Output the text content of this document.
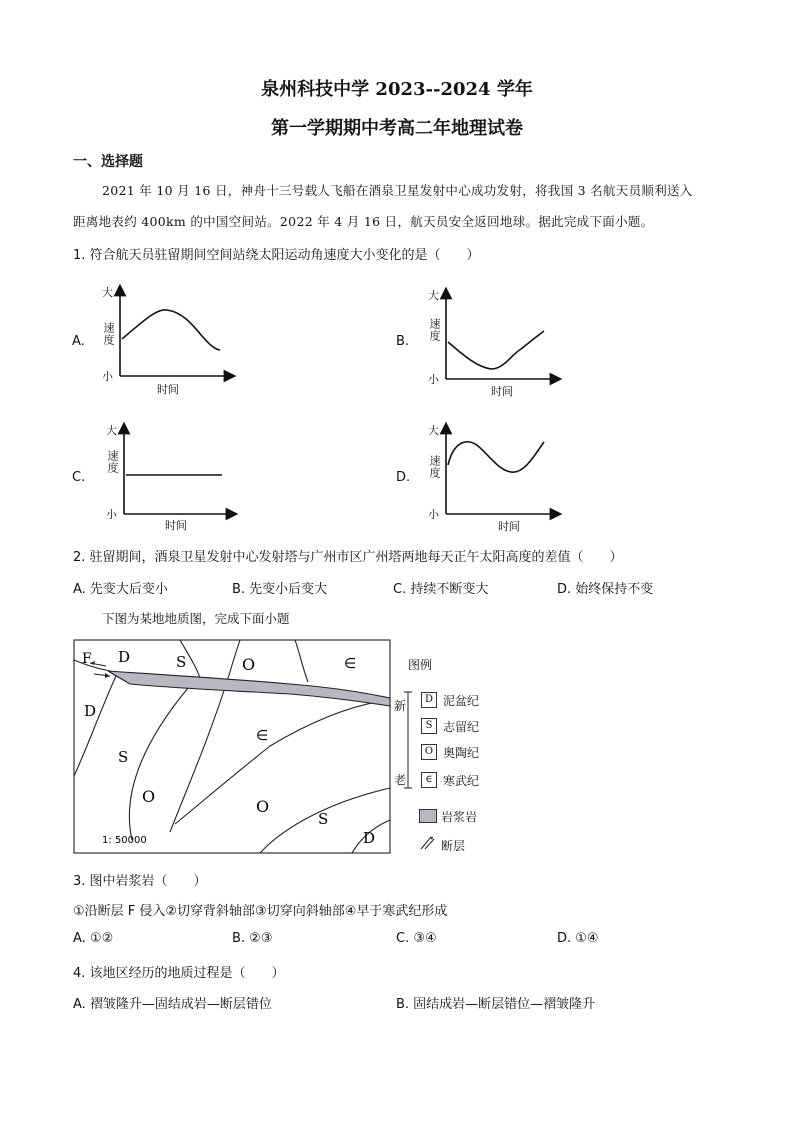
泉州科技中学 2023--2024 学年
第一学期期中考高二年地理试卷
一、选择题
2021 年 10 月 16 日，神舟十三号载人飞船在酒泉卫星发射中心成功发射，将我国 3 名航天员顺利送入
距离地表约 400km 的中国空间站。2022 年 4 月 16 日，航天员安全返回地球。据此完成下面小题。
1. 符合航天员驻留期间空间站绕太阳运动角速度大小变化的是（　　）
A.
大
小
速度
时间
B.
大
小
速度
时间
C.
大
小
速度
时间
D.
大
小
速度
时间
2. 驻留期间，酒泉卫星发射中心发射塔与广州市区广州塔两地每天正午太阳高度的差值（　　）
A. 先变大后变小	B. 先变小后变大	C. 持续不断变大	D. 始终保持不变
下图为某地地质图，完成下面小题
F D	S	O	∈
D
S
∈
O
O
S
D
1: 50000
图例
新
老
D 泥盆纪
S 志留纪
O 奥陶纪
∈ 寒武纪
岩浆岩
断层
3. 图中岩浆岩（　　）
①沿断层 F 侵入②切穿背斜轴部③切穿向斜轴部④早于寒武纪形成
A. ①②	B. ②③	C. ③④	D. ①④
4. 该地区经历的地质过程是（　　）
A. 褶皱隆升—固结成岩—断层错位	B. 固结成岩—断层错位—褶皱隆升
